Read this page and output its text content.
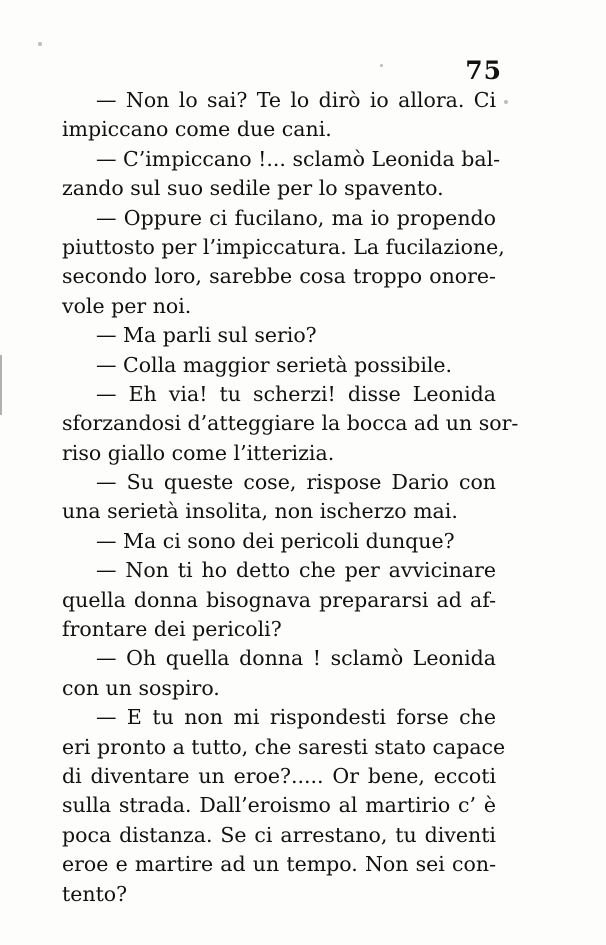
75
— Non lo sai? Te lo dirò io allora. Ci
impiccano come due cani.
— C’impiccano !... sclamò Leonida bal-
zando sul suo sedile per lo spavento.
— Oppure ci fucilano, ma io propendo
piuttosto per l’impiccatura. La fucilazione,
secondo loro, sarebbe cosa troppo onore-
vole per noi.
— Ma parli sul serio?
— Colla maggior serietà possibile.
— Eh via! tu scherzi! disse Leonida
sforzandosi d’atteggiare la bocca ad un sor-
riso giallo come l’itterizia.
— Su queste cose, rispose Dario con
una serietà insolita, non ischerzo mai.
— Ma ci sono dei pericoli dunque?
— Non ti ho detto che per avvicinare
quella donna bisognava prepararsi ad af-
frontare dei pericoli?
— Oh quella donna ! sclamò Leonida
con un sospiro.
— E tu non mi rispondesti forse che
eri pronto a tutto, che saresti stato capace
di diventare un eroe?..... Or bene, eccoti
sulla strada. Dall’eroismo al martirio c’ è
poca distanza. Se ci arrestano, tu diventi
eroe e martire ad un tempo. Non sei con-
tento?
